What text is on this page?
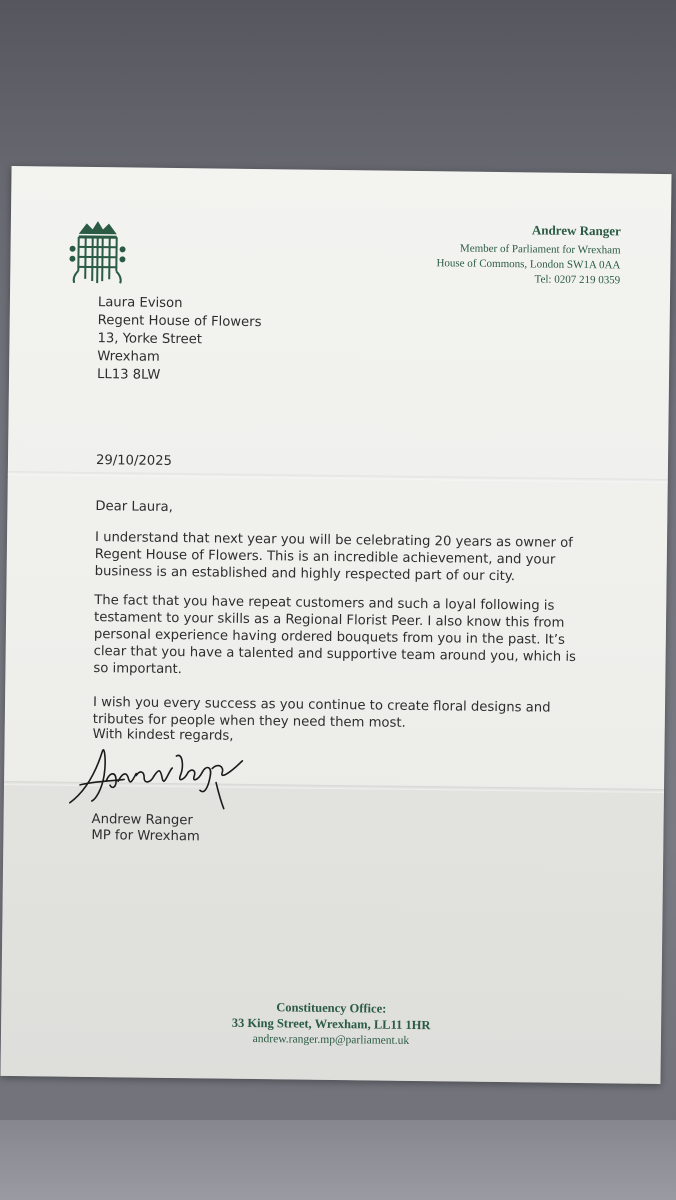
Andrew Ranger
Member of Parliament for Wrexham
House of Commons, London SW1A 0AA
Tel: 0207 219 0359
Laura Evison
Regent House of Flowers
13, Yorke Street
Wrexham
LL13 8LW
29/10/2025
Dear Laura,
I understand that next year you will be celebrating 20 years as owner of Regent House of Flowers. This is an incredible achievement, and your business is an established and highly respected part of our city.
The fact that you have repeat customers and such a loyal following is testament to your skills as a Regional Florist Peer. I also know this from personal experience having ordered bouquets from you in the past. It’s clear that you have a talented and supportive team around you, which is so important.
I wish you every success as you continue to create floral designs and tributes for people when they need them most.
With kindest regards,
Andrew Ranger
MP for Wrexham
Constituency Office:
33 King Street, Wrexham, LL11 1HR
andrew.ranger.mp@parliament.uk
